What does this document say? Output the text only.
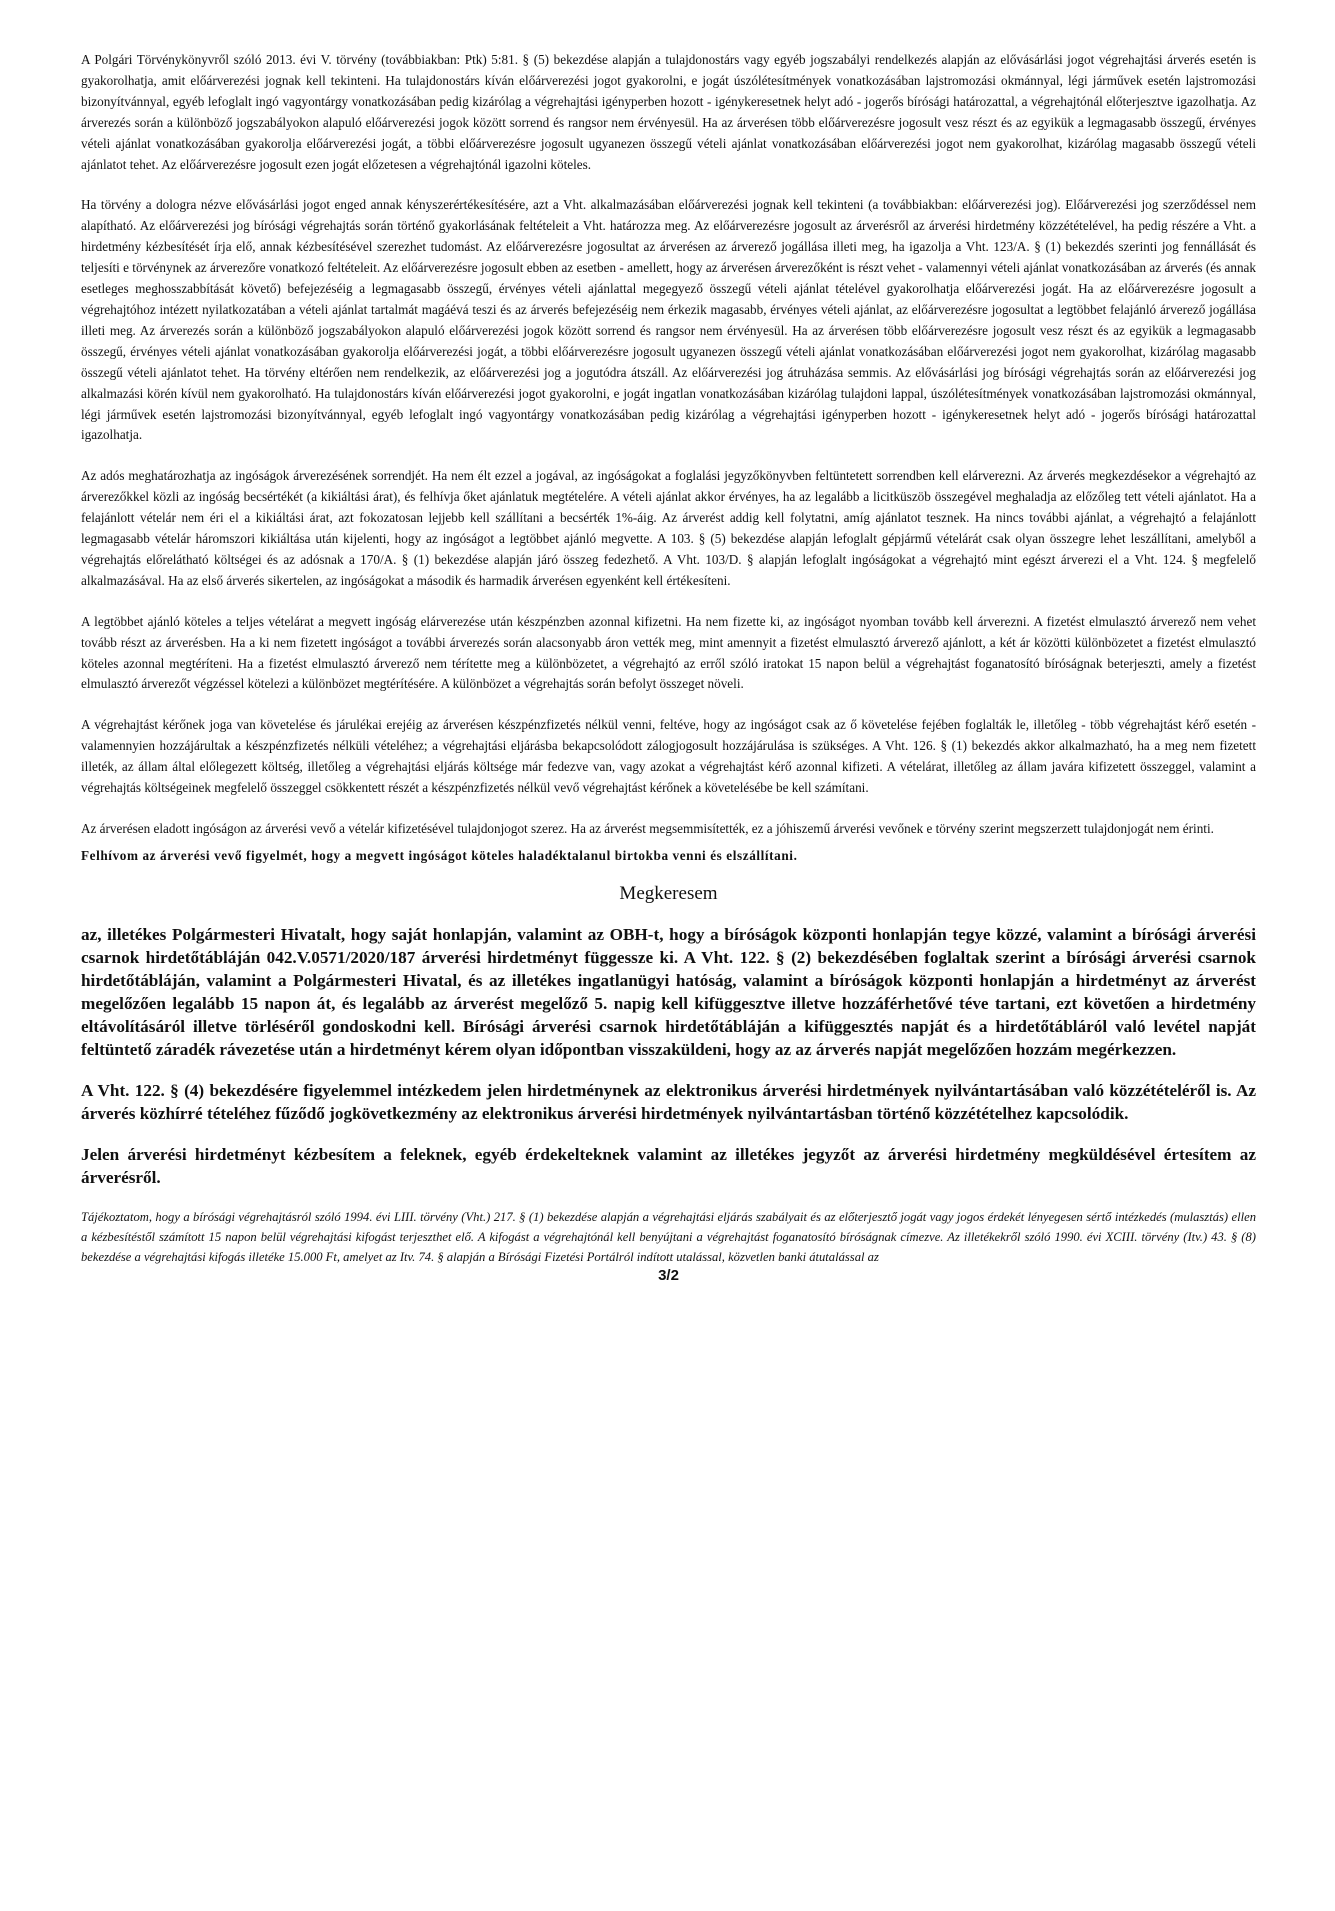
A Polgári Törvénykönyvről szóló 2013. évi V. törvény (továbbiakban: Ptk) 5:81. § (5) bekezdése alapján a tulajdonostárs vagy egyéb jogszabályi rendelkezés alapján az elővásárlási jogot végrehajtási árverés esetén is gyakorolhatja, amit előárverezési jognak kell tekinteni. Ha tulajdonostárs kíván előárverezési jogot gyakorolni, e jogát úszólétesítmények vonatkozásában lajstromozási okmánnyal, légi járművek esetén lajstromozási bizonyítvánnyal, egyéb lefoglalt ingó vagyontárgy vonatkozásában pedig kizárólag a végrehajtási igényperben hozott - igénykeresetnek helyt adó - jogerős bírósági határozattal, a végrehajtónál előterjesztve igazolhatja. Az árverezés során a különböző jogszabályokon alapuló előárverezési jogok között sorrend és rangsor nem érvényesül. Ha az árverésen több előárverezésre jogosult vesz részt és az egyikük a legmagasabb összegű, érvényes vételi ajánlat vonatkozásában gyakorolja előárverezési jogát, a többi előárverezésre jogosult ugyanezen összegű vételi ajánlat vonatkozásában előárverezési jogot nem gyakorolhat, kizárólag magasabb összegű vételi ajánlatot tehet. Az előárverezésre jogosult ezen jogát előzetesen a végrehajtónál igazolni köteles.

Ha törvény a dologra nézve elővásárlási jogot enged annak kényszerértékesítésére, azt a Vht. alkalmazásában előárverezési jognak kell tekinteni (a továbbiakban: előárverezési jog). Előárverezési jog szerződéssel nem alapítható. Az előárverezési jog bírósági végrehajtás során történő gyakorlásának feltételeit a Vht. határozza meg. Az előárverezésre jogosult az árverésről az árverési hirdetmény közzétételével, ha pedig részére a Vht. a hirdetmény kézbesítését írja elő, annak kézbesítésével szerezhet tudomást. Az előárverezésre jogosultat az árverésen az árverező jogállása illeti meg, ha igazolja a Vht. 123/A. § (1) bekezdés szerinti jog fennállását és teljesíti e törvénynek az árverezőre vonatkozó feltételeit. Az előárverezésre jogosult ebben az esetben - amellett, hogy az árverésen árverezőként is részt vehet - valamennyi vételi ajánlat vonatkozásában az árverés (és annak esetleges meghosszabbítását követő) befejezéséig a legmagasabb összegű, érvényes vételi ajánlattal megegyező összegű vételi ajánlat tételével gyakorolhatja előárverezési jogát. Ha az előárverezésre jogosult a végrehajtóhoz intézett nyilatkozatában a vételi ajánlat tartalmát magáévá teszi és az árverés befejezéséig nem érkezik magasabb, érvényes vételi ajánlat, az előárverezésre jogosultat a legtöbbet felajánló árverező jogállása illeti meg. Az árverezés során a különböző jogszabályokon alapuló előárverezési jogok között sorrend és rangsor nem érvényesül. Ha az árverésen több előárverezésre jogosult vesz részt és az egyikük a legmagasabb összegű, érvényes vételi ajánlat vonatkozásában gyakorolja előárverezési jogát, a többi előárverezésre jogosult ugyanezen összegű vételi ajánlat vonatkozásában előárverezési jogot nem gyakorolhat, kizárólag magasabb összegű vételi ajánlatot tehet. Ha törvény eltérően nem rendelkezik, az előárverezési jog a jogutódra átszáll. Az előárverezési jog átruházása semmis. Az elővásárlási jog bírósági végrehajtás során az előárverezési jog alkalmazási körén kívül nem gyakorolható. Ha tulajdonostárs kíván előárverezési jogot gyakorolni, e jogát ingatlan vonatkozásában kizárólag tulajdoni lappal, úszólétesítmények vonatkozásában lajstromozási okmánnyal, légi járművek esetén lajstromozási bizonyítvánnyal, egyéb lefoglalt ingó vagyontárgy vonatkozásában pedig kizárólag a végrehajtási igényperben hozott - igénykeresetnek helyt adó - jogerős bírósági határozattal igazolhatja.

Az adós meghatározhatja az ingóságok árverezésének sorrendjét. Ha nem élt ezzel a jogával, az ingóságokat a foglalási jegyzőkönyvben feltüntetett sorrendben kell elárverezni. Az árverés megkezdésekor a végrehajtó az árverezőkkel közli az ingóság becsértékét (a kikiáltási árat), és felhívja őket ajánlatuk megtételére. A vételi ajánlat akkor érvényes, ha az legalább a licitküszöb összegével meghaladja az előzőleg tett vételi ajánlatot. Ha a felajánlott vételár nem éri el a kikiáltási árat, azt fokozatosan lejjebb kell szállítani a becsérték 1%-áig. Az árverést addig kell folytatni, amíg ajánlatot tesznek. Ha nincs további ajánlat, a végrehajtó a felajánlott legmagasabb vételár háromszori kikiáltása után kijelenti, hogy az ingóságot a legtöbbet ajánló megvette. A 103. § (5) bekezdése alapján lefoglalt gépjármű vételárát csak olyan összegre lehet leszállítani, amelyből a végrehajtás előrelátható költségei és az adósnak a 170/A. § (1) bekezdése alapján járó összeg fedezhető. A Vht. 103/D. § alapján lefoglalt ingóságokat a végrehajtó mint egészt árverezi el a Vht. 124. § megfelelő alkalmazásával. Ha az első árverés sikertelen, az ingóságokat a második és harmadik árverésen egyenként kell értékesíteni.

A legtöbbet ajánló köteles a teljes vételárat a megvett ingóság elárverezése után készpénzben azonnal kifizetni. Ha nem fizette ki, az ingóságot nyomban tovább kell árverezni. A fizetést elmulasztó árverező nem vehet tovább részt az árverésben. Ha a ki nem fizetett ingóságot a további árverezés során alacsonyabb áron vették meg, mint amennyit a fizetést elmulasztó árverező ajánlott, a két ár közötti különbözetet a fizetést elmulasztó köteles azonnal megtéríteni. Ha a fizetést elmulasztó árverező nem térítette meg a különbözetet, a végrehajtó az erről szóló iratokat 15 napon belül a végrehajtást foganatosító bíróságnak beterjeszti, amely a fizetést elmulasztó árverezőt végzéssel kötelezi a különbözet megtérítésére. A különbözet a végrehajtás során befolyt összeget növeli.

A végrehajtást kérőnek joga van követelése és járulékai erejéig az árverésen készpénzfizetés nélkül venni, feltéve, hogy az ingóságot csak az ő követelése fejében foglalták le, illetőleg - több végrehajtást kérő esetén - valamennyien hozzájárultak a készpénzfizetés nélküli vételéhez; a végrehajtási eljárásba bekapcsolódott zálogjogosult hozzájárulása is szükséges. A Vht. 126. § (1) bekezdés akkor alkalmazható, ha a meg nem fizetett illeték, az állam által előlegezett költség, illetőleg a végrehajtási eljárás költsége már fedezve van, vagy azokat a végrehajtást kérő azonnal kifizeti. A vételárat, illetőleg az állam javára kifizetett összeggel, valamint a végrehajtás költségeinek megfelelő összeggel csökkentett részét a készpénzfizetés nélkül vevő végrehajtást kérőnek a követelésébe be kell számítani.

Az árverésen eladott ingóságon az árverési vevő a vételár kifizetésével tulajdonjogot szerez. Ha az árverést megsemmisítették, ez a jóhiszemű árverési vevőnek e törvény szerint megszerzett tulajdonjogát nem érinti.

Felhívom az árverési vevő figyelmét, hogy a megvett ingóságot köteles haladéktalanul birtokba venni és elszállítani.

Megkeresem

az, illetékes Polgármesteri Hivatalt, hogy saját honlapján, valamint az OBH-t, hogy a bíróságok központi honlapján tegye közzé, valamint a bírósági árverési csarnok hirdetőtábláján 042.V.0571/2020/187 árverési hirdetményt függessze ki. A Vht. 122. § (2) bekezdésében foglaltak szerint a bírósági árverési csarnok hirdetőtábláján, valamint a Polgármesteri Hivatal, és az illetékes ingatlanügyi hatóság, valamint a bíróságok központi honlapján a hirdetményt az árverést megelőzően legalább 15 napon át, és legalább az árverést megelőző 5. napig kell kifüggesztve illetve hozzáférhetővé téve tartani, ezt követően a hirdetmény eltávolításáról illetve törléséről gondoskodni kell. Bírósági árverési csarnok hirdetőtábláján a kifüggesztés napját és a hirdetőtábláról való levétel napját feltüntető záradék rávezetése után a hirdetményt kérem olyan időpontban visszaküldeni, hogy az az árverés napját megelőzően hozzám megérkezzen.

A Vht. 122. § (4) bekezdésére figyelemmel intézkedem jelen hirdetménynek az elektronikus árverési hirdetmények nyilvántartásában való közzétételéről is. Az árverés közhírré tételéhez fűződő jogkövetkezmény az elektronikus árverési hirdetmények nyilvántartásban történő közzétételhez kapcsolódik.

Jelen árverési hirdetményt kézbesítem a feleknek, egyéb érdekelteknek valamint az illetékes jegyzőt az árverési hirdetmény megküldésével értesítem az árverésről.

Tájékoztatom, hogy a bírósági végrehajtásról szóló 1994. évi LIII. törvény (Vht.) 217. § (1) bekezdése alapján a végrehajtási eljárás szabályait és az előterjesztő jogát vagy jogos érdekét lényegesen sértő intézkedés (mulasztás) ellen a kézbesítéstől számított 15 napon belül végrehajtási kifogást terjeszthet elő. A kifogást a végrehajtónál kell benyújtani a végrehajtást foganatosító bíróságnak címezve. Az illetékekről szóló 1990. évi XCIII. törvény (Itv.) 43. § (8) bekezdése a végrehajtási kifogás illetéke 15.000 Ft, amelyet az Itv. 74. § alapján a Bírósági Fizetési Portálról indított utalással, közvetlen banki átutalással az

3/2
